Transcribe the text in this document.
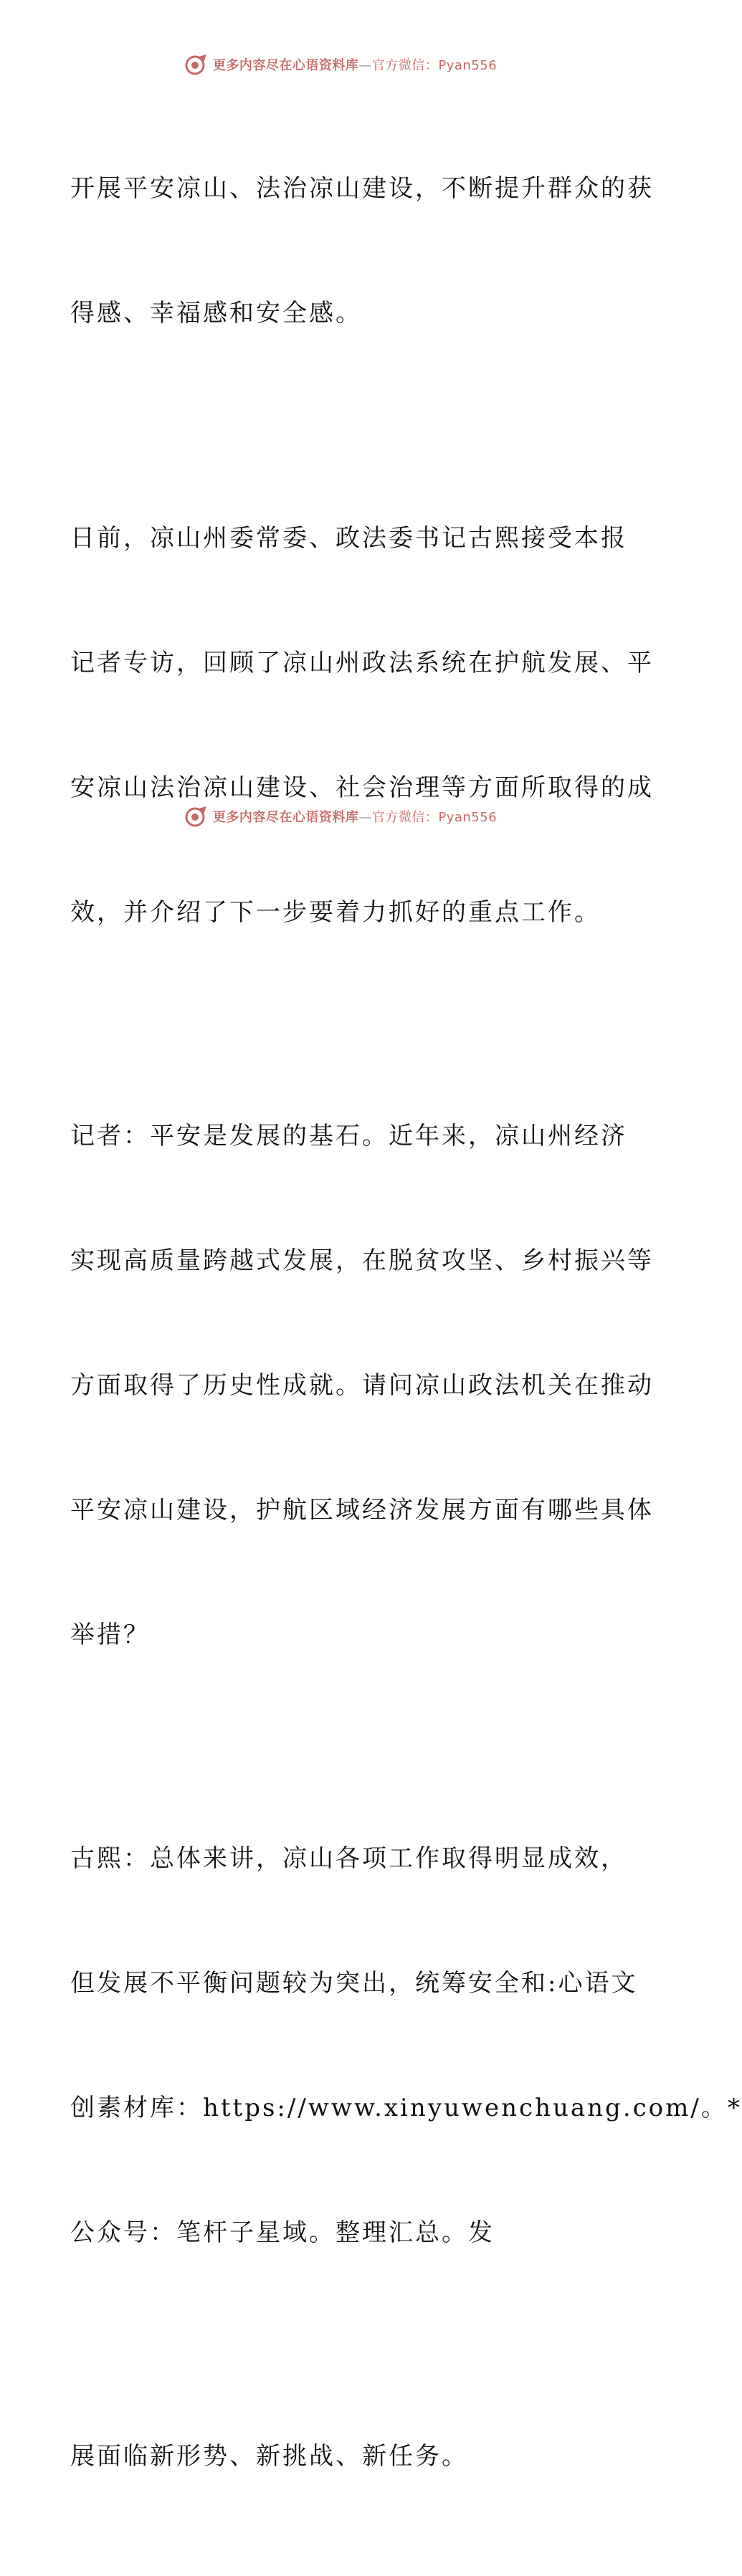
更多内容尽在心语资料库—官方微信：Pyan556

开展平安凉山、法治凉山建设，不断提升群众的获

得感、幸福感和安全感。

日前，凉山州委常委、政法委书记古熙接受本报

记者专访，回顾了凉山州政法系统在护航发展、平

安凉山法治凉山建设、社会治理等方面所取得的成

效，并介绍了下一步要着力抓好的重点工作。

记者：平安是发展的基石。近年来，凉山州经济

实现高质量跨越式发展，在脱贫攻坚、乡村振兴等

方面取得了历史性成就。请问凉山政法机关在推动

平安凉山建设，护航区域经济发展方面有哪些具体

举措？

古熙：总体来讲，凉山各项工作取得明显成效，

但发展不平衡问题较为突出，统筹安全和:心语文

创素材库：https://www.xinyuwenchuang.com/。*

公众号：笔杆子星域。整理汇总。发

展面临新形势、新挑战、新任务。

更多内容尽在心语资料库—官方微信：Pyan556
